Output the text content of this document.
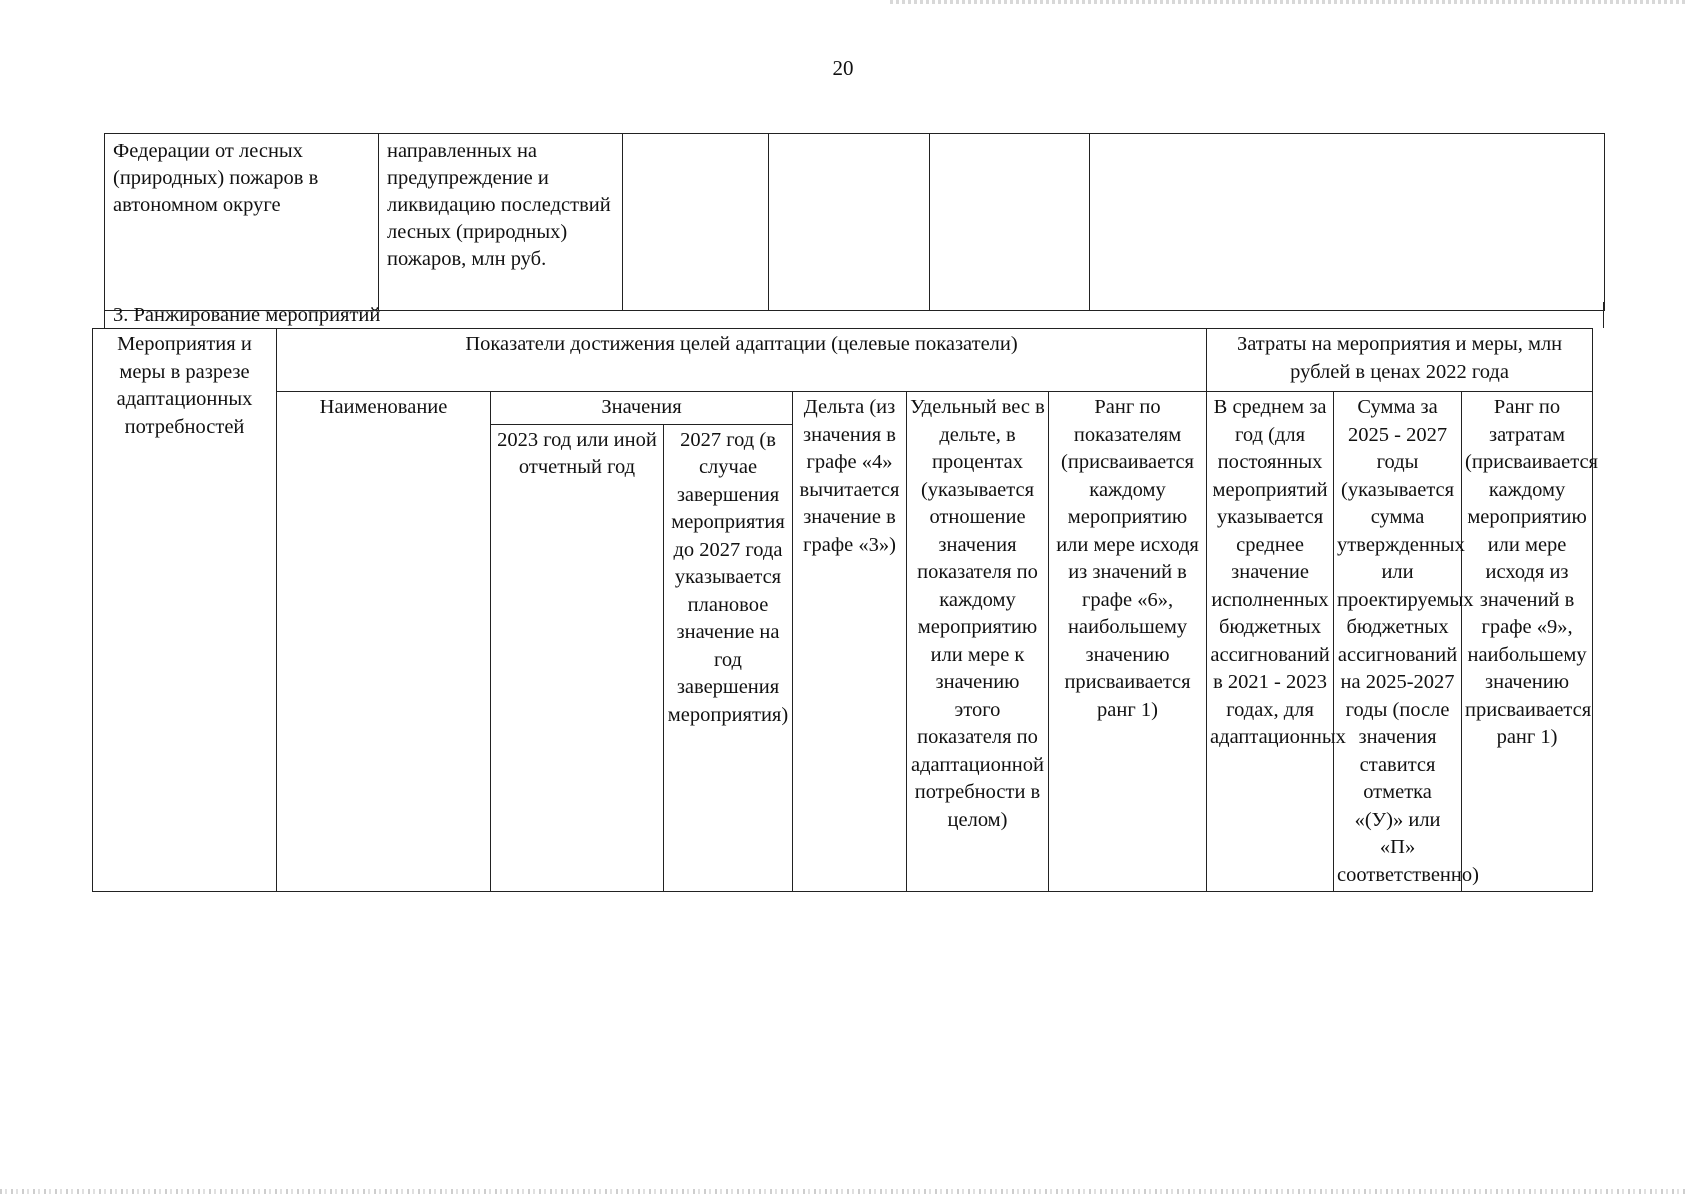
20
Федерации от лесных (природных) пожаров в автономном округе	направленных на предупреждение и ликвидацию последствий лесных (природных) пожаров, млн руб.				
3. Ранжирование мероприятий
Мероприятия и меры в разрезе адаптационных потребностей	Показатели достижения целей адаптации (целевые показатели)						Затраты на мероприятия и меры, млн рублей в ценах 2022 года		
	Наименование	Значения		Дельта (из значения в графе «4» вычитается значение в графе «3»)	Удельный вес в дельте, в процентах (указывается отношение значения показателя по каждому мероприятию или мере к значению этого показателя по адаптационной потребности в целом)	Ранг по показателям (присваивается каждому мероприятию или мере исходя из значений в графе «6», наибольшему значению присваивается ранг 1)	В среднем за год (для постоянных мероприятий указывается среднее значение исполненных бюджетных ассигнований в 2021 - 2023 годах, для адаптационных	Сумма за 2025 - 2027 годы (указывается сумма утвержденных или проектируемых бюджетных ассигнований на 2025-2027 годы (после значения ставится отметка «(У)» или «П» соответственно)	Ранг по затратам (присваивается каждому мероприятию или мере исходя из значений в графе «9», наибольшему значению присваивается ранг 1)
		2023 год или иной отчетный год	2027 год (в случае завершения мероприятия до 2027 года указывается плановое значение на год завершения мероприятия)						
